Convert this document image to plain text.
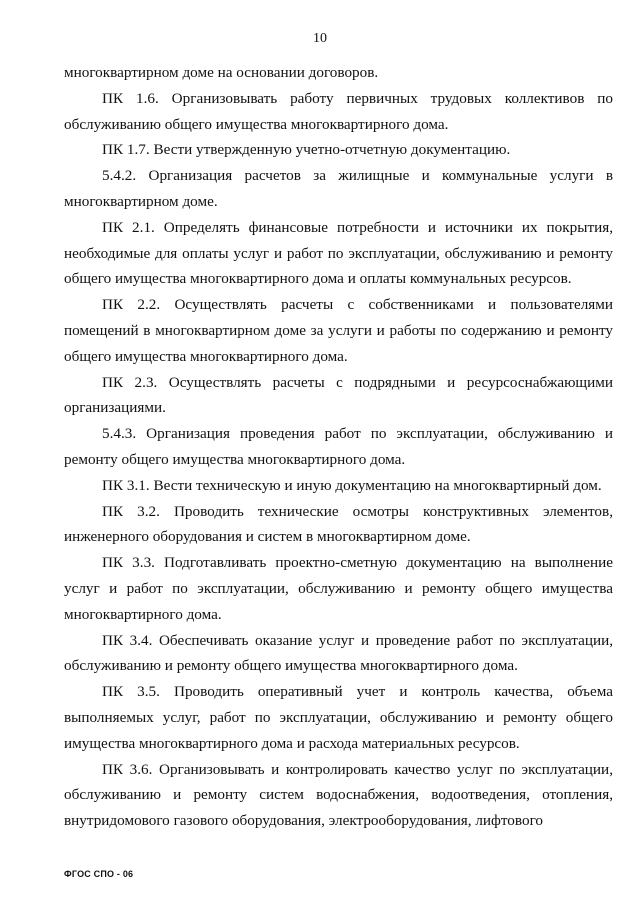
10

многоквартирном доме на основании договоров.

ПК 1.6. Организовывать работу первичных трудовых коллективов по обслуживанию общего имущества многоквартирного дома.

ПК 1.7. Вести утвержденную учетно-отчетную документацию.

5.4.2. Организация расчетов за жилищные и коммунальные услуги в многоквартирном доме.

ПК 2.1. Определять финансовые потребности и источники их покрытия, необходимые для оплаты услуг и работ по эксплуатации, обслуживанию и ремонту общего имущества многоквартирного дома и оплаты коммунальных ресурсов.

ПК 2.2. Осуществлять расчеты с собственниками и пользователями помещений в многоквартирном доме за услуги и работы по содержанию и ремонту общего имущества многоквартирного дома.

ПК 2.3. Осуществлять расчеты с подрядными и ресурсоснабжающими организациями.

5.4.3. Организация проведения работ по эксплуатации, обслуживанию и ремонту общего имущества многоквартирного дома.

ПК 3.1. Вести техническую и иную документацию на многоквартирный дом.

ПК 3.2. Проводить технические осмотры конструктивных элементов, инженерного оборудования и систем в многоквартирном доме.

ПК 3.3. Подготавливать проектно-сметную документацию на выполнение услуг и работ по эксплуатации, обслуживанию и ремонту общего имущества многоквартирного дома.

ПК 3.4. Обеспечивать оказание услуг и проведение работ по эксплуатации, обслуживанию и ремонту общего имущества многоквартирного дома.

ПК 3.5. Проводить оперативный учет и контроль качества, объема выполняемых услуг, работ по эксплуатации, обслуживанию и ремонту общего имущества многоквартирного дома и расхода материальных ресурсов.

ПК 3.6. Организовывать и контролировать качество услуг по эксплуатации, обслуживанию и ремонту систем водоснабжения, водоотведения, отопления, внутридомового газового оборудования, электрооборудования, лифтового

ФГОС СПО - 06
